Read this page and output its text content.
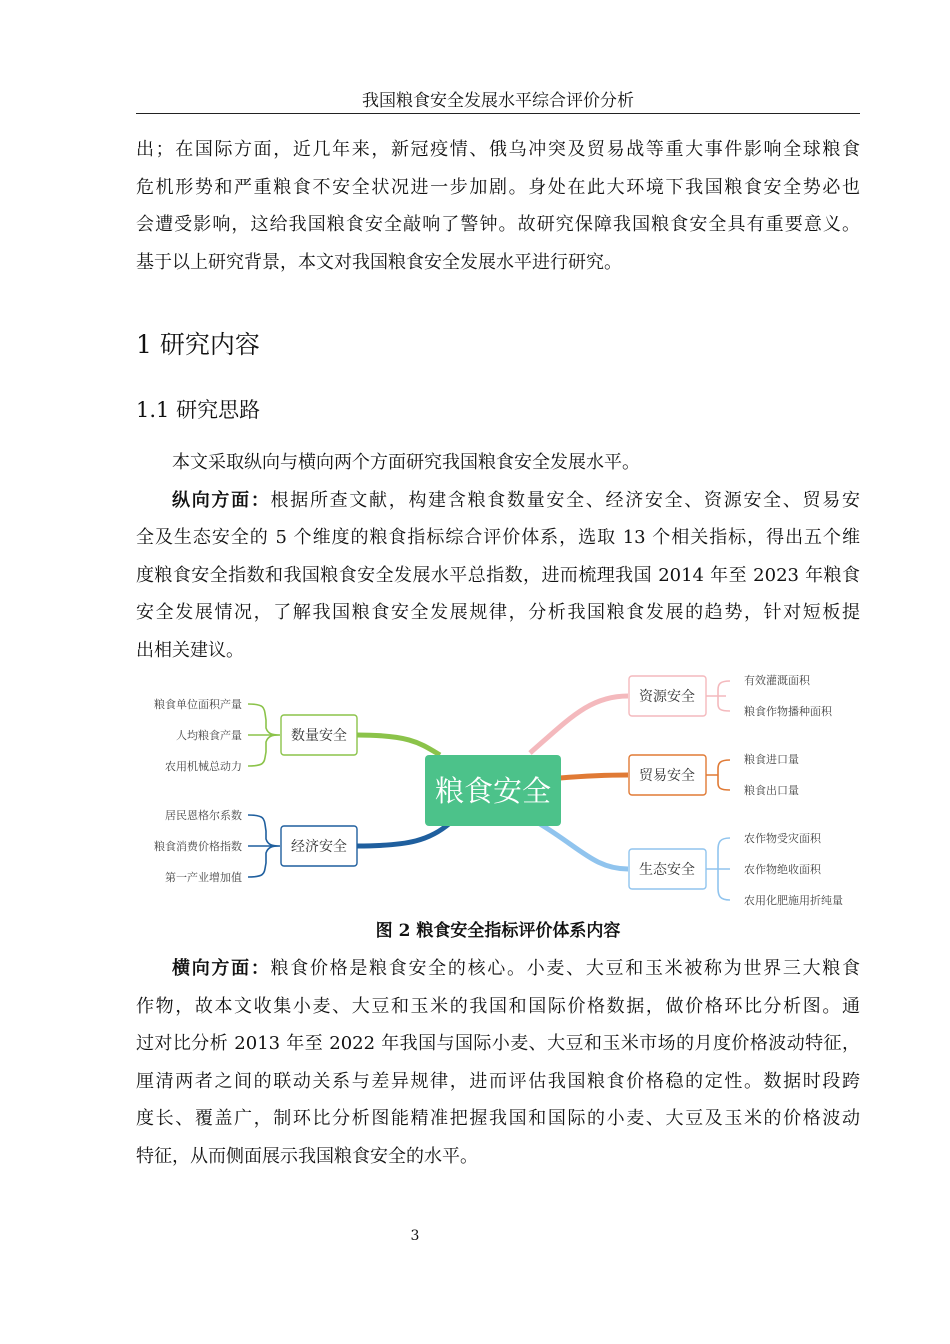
我国粮食安全发展水平综合评价分析
出；在国际方面，近几年来，新冠疫情、俄乌冲突及贸易战等重大事件影响全球粮食
危机形势和严重粮食不安全状况进一步加剧。身处在此大环境下我国粮食安全势必也
会遭受影响，这给我国粮食安全敲响了警钟。故研究保障我国粮食安全具有重要意义。
基于以上研究背景，本文对我国粮食安全发展水平进行研究。
1 研究内容
1.1 研究思路
本文采取纵向与横向两个方面研究我国粮食安全发展水平。
纵向方面：根据所查文献，构建含粮食数量安全、经济安全、资源安全、贸易安
全及生态安全的 5 个维度的粮食指标综合评价体系，选取 13 个相关指标，得出五个维
度粮食安全指数和我国粮食安全发展水平总指数，进而梳理我国 2014 年至 2023 年粮食
安全发展情况，了解我国粮食安全发展规律，分析我国粮食发展的趋势，针对短板提
出相关建议。
粮食单位面积产量
人均粮食产量
农用机械总动力
数量安全
居民恩格尔系数
粮食消费价格指数
第一产业增加值
经济安全
粮食安全
资源安全
有效灌溉面积
粮食作物播种面积
贸易安全
粮食进口量
粮食出口量
生态安全
农作物受灾面积
农作物绝收面积
农用化肥施用折纯量
图 2 粮食安全指标评价体系内容
横向方面：粮食价格是粮食安全的核心。小麦、大豆和玉米被称为世界三大粮食
作物，故本文收集小麦、大豆和玉米的我国和国际价格数据，做价格环比分析图。通
过对比分析 2013 年至 2022 年我国与国际小麦、大豆和玉米市场的月度价格波动特征，
厘清两者之间的联动关系与差异规律，进而评估我国粮食价格稳的定性。数据时段跨
度长、覆盖广，制环比分析图能精准把握我国和国际的小麦、大豆及玉米的价格波动
特征，从而侧面展示我国粮食安全的水平。
3
